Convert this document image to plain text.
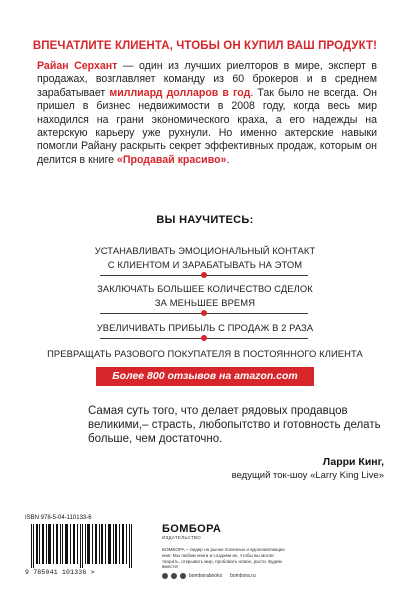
ВПЕЧАТЛИТЕ КЛИЕНТА, ЧТОБЫ ОН КУПИЛ ВАШ ПРОДУКТ!

Райан Серхант — один из лучших риелторов в мире, эксперт в продажах, возглавляет команду из 60 брокеров и в среднем зарабатывает миллиард долларов в год. Так было не всегда. Он пришел в бизнес недвижимости в 2008 году, когда весь мир находился на грани экономического краха, а его надежды на актерскую карьеру уже рухнули. Но именно актерские навыки помогли Райану раскрыть секрет эффективных продаж, которым он делится в книге «Продавай красиво».

ВЫ НАУЧИТЕСЬ:
УСТАНАВЛИВАТЬ ЭМОЦИОНАЛЬНЫЙ КОНТАКТ
С КЛИЕНТОМ И ЗАРАБАТЫВАТЬ НА ЭТОМ
ЗАКЛЮЧАТЬ БОЛЬШЕЕ КОЛИЧЕСТВО СДЕЛОК
ЗА МЕНЬШЕЕ ВРЕМЯ
УВЕЛИЧИВАТЬ ПРИБЫЛЬ С ПРОДАЖ В 2 РАЗА
ПРЕВРАЩАТЬ РАЗОВОГО ПОКУПАТЕЛЯ В ПОСТОЯННОГО КЛИЕНТА
Более 800 отзывов на amazon.com

Самая суть того, что делает рядовых продавцов великими,– страсть, любопытство и готовность делать больше, чем достаточно.

Ларри Кинг,
ведущий ток-шоу «Larry King Live»
ISBN 978-5-04-110133-6
9 785041 101336 >
БОМБОРА
ИЗДАТЕЛЬСТВО

БОМБОРА – лидер на рынке полезных и вдохновляющих книг. Мы любим книги и создаем их, чтобы вы могли творить, открывать мир, пробовать новое, расти. Будем вместе!

bomborabooks bombora.ru
